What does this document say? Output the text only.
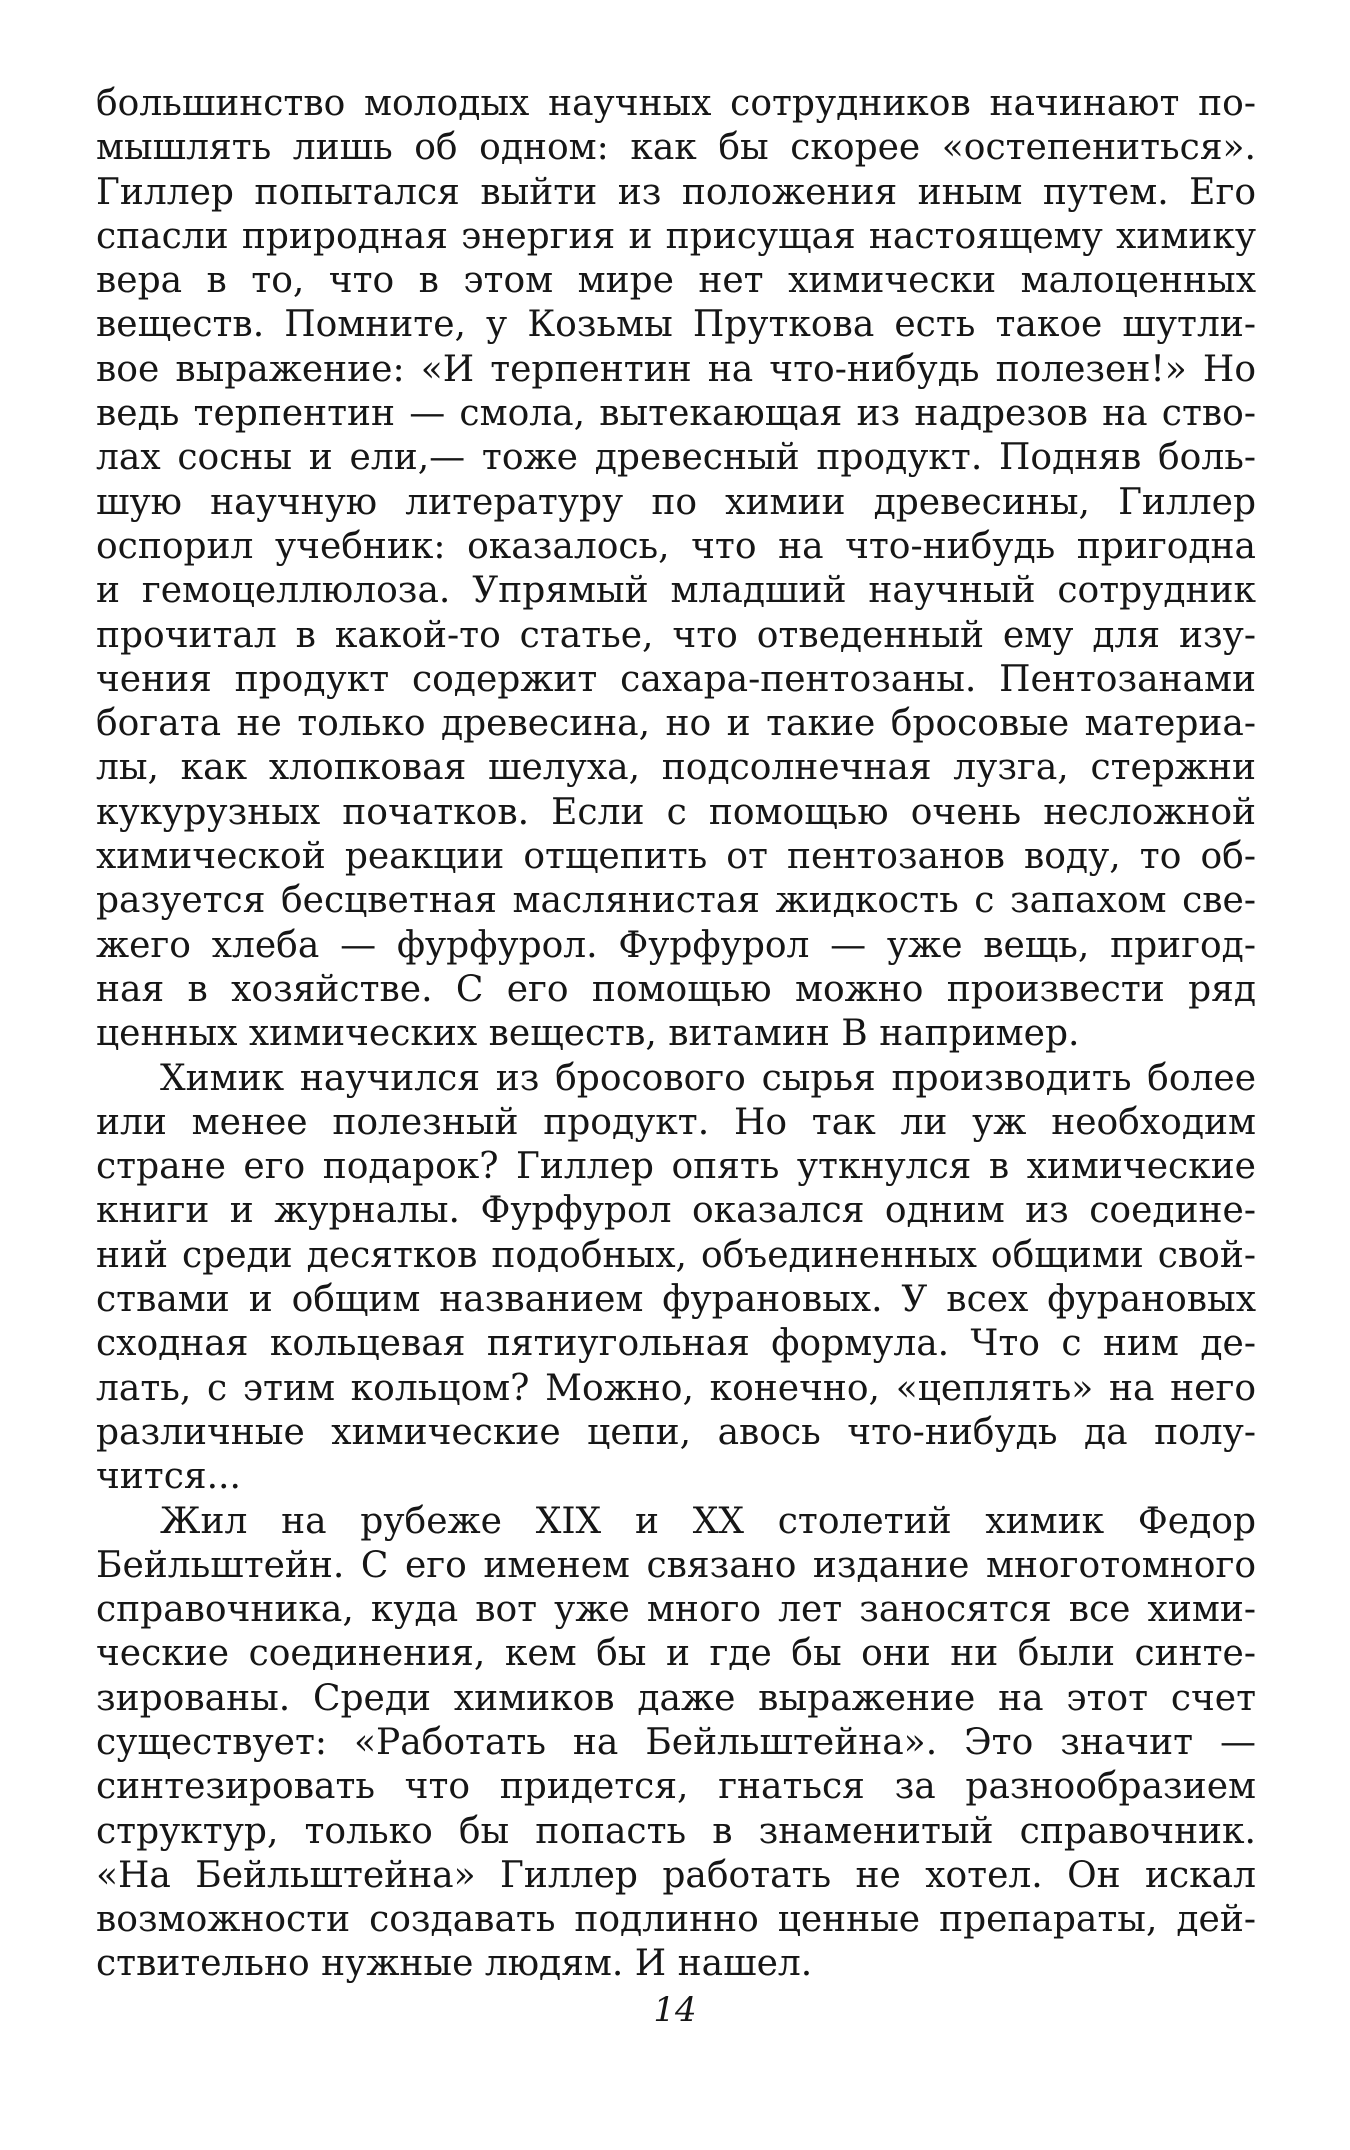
большинство молодых научных сотрудников начинают по-
мышлять лишь об одном: как бы скорее «остепениться».
Гиллер попытался выйти из положения иным путем. Его
спасли природная энергия и присущая настоящему химику
вера в то, что в этом мире нет химически малоценных
веществ. Помните, у Козьмы Пруткова есть такое шутли-
вое выражение: «И терпентин на что-нибудь полезен!» Но
ведь терпентин — смола, вытекающая из надрезов на ство-
лах сосны и ели,— тоже древесный продукт. Подняв боль-
шую научную литературу по химии древесины, Гиллер
оспорил учебник: оказалось, что на что-нибудь пригодна
и гемоцеллюлоза. Упрямый младший научный сотрудник
прочитал в какой-то статье, что отведенный ему для изу-
чения продукт содержит сахара-пентозаны. Пентозанами
богата не только древесина, но и такие бросовые материа-
лы, как хлопковая шелуха, подсолнечная лузга, стержни
кукурузных початков. Если с помощью очень несложной
химической реакции отщепить от пентозанов воду, то об-
разуется бесцветная маслянистая жидкость с запахом све-
жего хлеба — фурфурол. Фурфурол — уже вещь, пригод-
ная в хозяйстве. С его помощью можно произвести ряд
ценных химических веществ, витамин В например.
Химик научился из бросового сырья производить более
или менее полезный продукт. Но так ли уж необходим
стране его подарок? Гиллер опять уткнулся в химические
книги и журналы. Фурфурол оказался одним из соедине-
ний среди десятков подобных, объединенных общими свой-
ствами и общим названием фурановых. У всех фурановых
сходная кольцевая пятиугольная формула. Что с ним де-
лать, с этим кольцом? Можно, конечно, «цеплять» на него
различные химические цепи, авось что-нибудь да полу-
чится...
Жил на рубеже XIX и XX столетий химик Федор
Бейльштейн. С его именем связано издание многотомного
справочника, куда вот уже много лет заносятся все хими-
ческие соединения, кем бы и где бы они ни были синте-
зированы. Среди химиков даже выражение на этот счет
существует: «Работать на Бейльштейна». Это значит —
синтезировать что придется, гнаться за разнообразием
структур, только бы попасть в знаменитый справочник.
«На Бейльштейна» Гиллер работать не хотел. Он искал
возможности создавать подлинно ценные препараты, дей-
ствительно нужные людям. И нашел.
14
